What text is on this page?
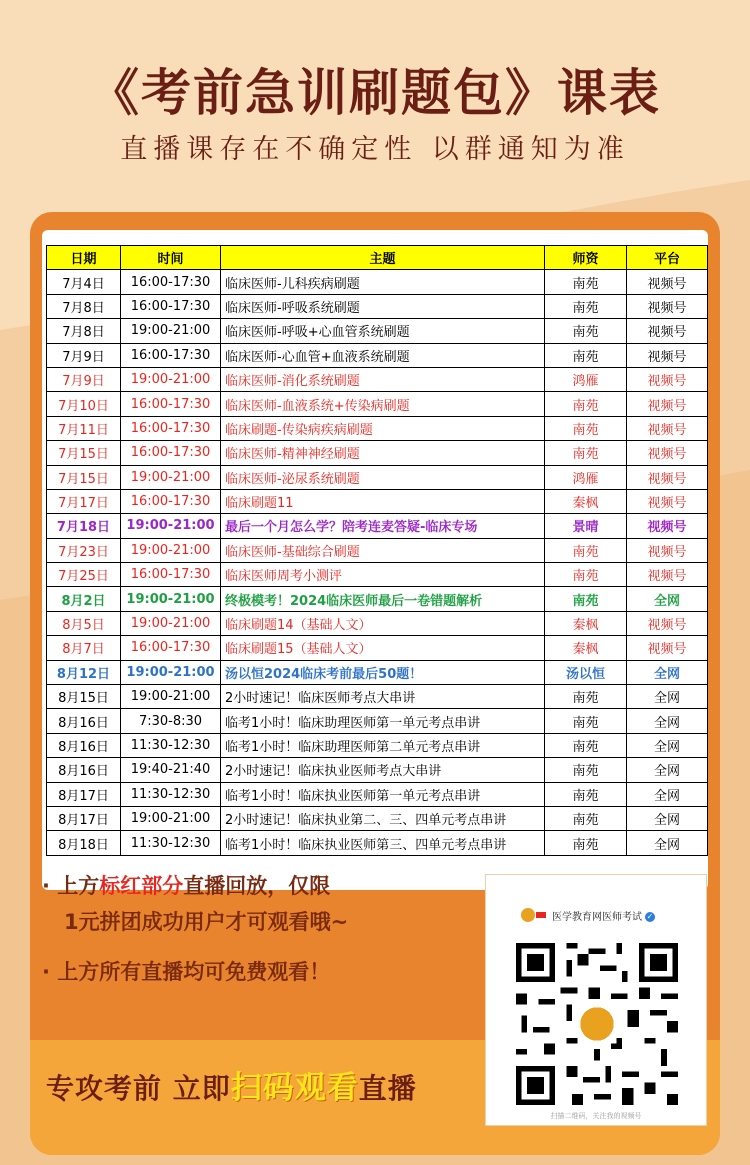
《考前急训刷题包》课表
直播课存在不确定性 以群通知为准
日期	时间	主题	师资	平台
7月4日	16:00-17:30	临床医师-儿科疾病刷题	南苑	视频号
7月8日	16:00-17:30	临床医师-呼吸系统刷题	南苑	视频号
7月8日	19:00-21:00	临床医师-呼吸+心血管系统刷题	南苑	视频号
7月9日	16:00-17:30	临床医师-心血管+血液系统刷题	南苑	视频号
7月9日	19:00-21:00	临床医师-消化系统刷题	鸿雁	视频号
7月10日	16:00-17:30	临床医师-血液系统+传染病刷题	南苑	视频号
7月11日	16:00-17:30	临床刷题-传染病疾病刷题	南苑	视频号
7月15日	16:00-17:30	临床医师-精神神经刷题	南苑	视频号
7月15日	19:00-21:00	临床医师-泌尿系统刷题	鸿雁	视频号
7月17日	16:00-17:30	临床刷题11	秦枫	视频号
7月18日	19:00-21:00	最后一个月怎么学？陪考连麦答疑-临床专场	景晴	视频号
7月23日	19:00-21:00	临床医师-基础综合刷题	南苑	视频号
7月25日	16:00-17:30	临床医师周考小测评	南苑	视频号
8月2日	19:00-21:00	终极模考！2024临床医师最后一卷错题解析	南苑	全网
8月5日	19:00-21:00	临床刷题14（基础人文）	秦枫	视频号
8月7日	16:00-17:30	临床刷题15（基础人文）	秦枫	视频号
8月12日	19:00-21:00	汤以恒2024临床考前最后50题！	汤以恒	全网
8月15日	19:00-21:00	2小时速记！临床医师考点大串讲	南苑	全网
8月16日	7:30-8:30	临考1小时！临床助理医师第一单元考点串讲	南苑	全网
8月16日	11:30-12:30	临考1小时！临床助理医师第二单元考点串讲	南苑	全网
8月16日	19:40-21:40	2小时速记！临床执业医师考点大串讲	南苑	全网
8月17日	11:30-12:30	临考1小时！临床执业医师第一单元考点串讲	南苑	全网
8月17日	19:00-21:00	2小时速记！临床执业第二、三、四单元考点串讲	南苑	全网
8月18日	11:30-12:30	临考1小时！临床执业医师第三、四单元考点串讲	南苑	全网
· 上方标红部分直播回放，仅限
1元拼团成功用户才可观看哦~
· 上方所有直播均可免费观看！
专攻考前 立即扫码观看直播
医学教育网医师考试 ✓
扫描二维码，关注我的视频号
